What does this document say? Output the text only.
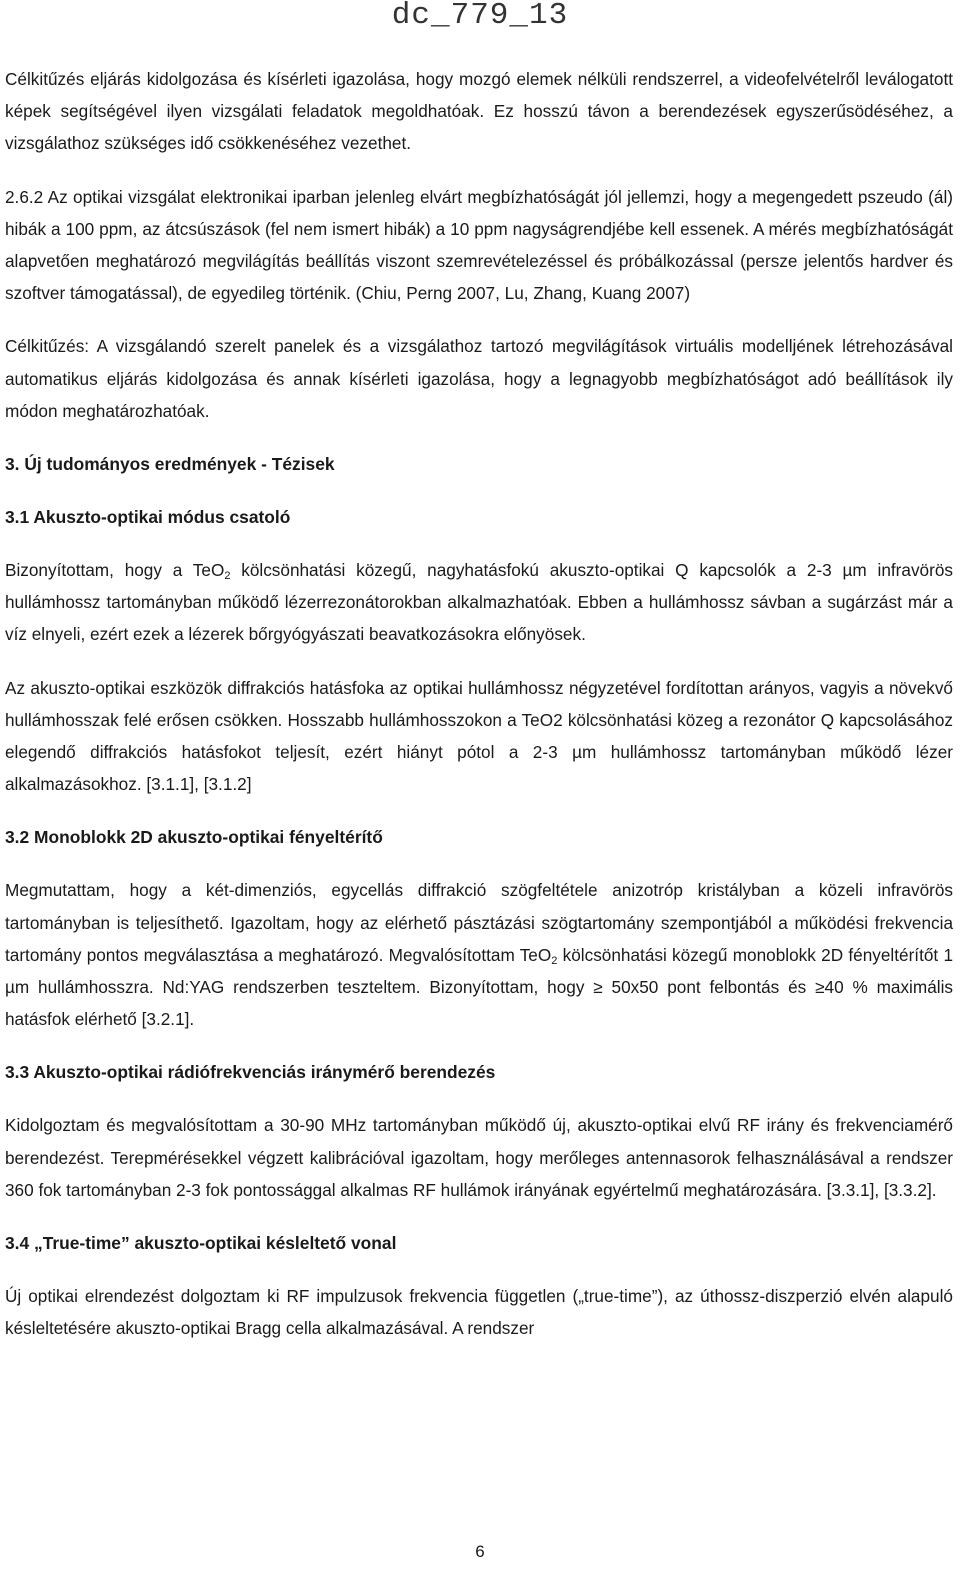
dc_779_13

Célkitűzés eljárás kidolgozása és kísérleti igazolása, hogy mozgó elemek nélküli rendszerrel, a videofelvételről leválogatott képek segítségével ilyen vizsgálati feladatok megoldhatóak. Ez hosszú távon a berendezések egyszerűsödéséhez, a vizsgálathoz szükséges idő csökkenéséhez vezethet.

2.6.2 Az optikai vizsgálat elektronikai iparban jelenleg elvárt megbízhatóságát jól jellemzi, hogy a megengedett pszeudo (ál) hibák a 100 ppm, az átcsúszások (fel nem ismert hibák) a 10 ppm nagyságrendjébe kell essenek. A mérés megbízhatóságát alapvetően meghatározó megvilágítás beállítás viszont szemrevételezéssel és próbálkozással (persze jelentős hardver és szoftver támogatással), de egyedileg történik. (Chiu, Perng 2007, Lu, Zhang, Kuang 2007)

Célkitűzés: A vizsgálandó szerelt panelek és a vizsgálathoz tartozó megvilágítások virtuális modelljének létrehozásával automatikus eljárás kidolgozása és annak kísérleti igazolása, hogy a legnagyobb megbízhatóságot adó beállítások ily módon meghatározhatóak.

3. Új tudományos eredmények - Tézisek
3.1 Akuszto-optikai módus csatoló

Bizonyítottam, hogy a TeO$_2$ kölcsönhatási közegű, nagyhatásfokú akuszto-optikai Q kapcsolók a 2-3 µm infravörös hullámhossz tartományban működő lézerrezonátorokban alkalmazhatóak. Ebben a hullámhossz sávban a sugárzást már a víz elnyeli, ezért ezek a lézerek bőrgyógyászati beavatkozásokra előnyösek.

Az akuszto-optikai eszközök diffrakciós hatásfoka az optikai hullámhossz négyzetével fordítottan arányos, vagyis a növekvő hullámhosszak felé erősen csökken. Hosszabb hullámhosszokon a TeO2 kölcsönhatási közeg a rezonátor Q kapcsolásához elegendő diffrakciós hatásfokot teljesít, ezért hiányt pótol a 2-3 µm hullámhossz tartományban működő lézer alkalmazásokhoz. [3.1.1], [3.1.2]

3.2 Monoblokk 2D akuszto-optikai fényeltérítő

Megmutattam, hogy a két-dimenziós, egycellás diffrakció szögfeltétele anizotróp kristályban a közeli infravörös tartományban is teljesíthető. Igazoltam, hogy az elérhető pásztázási szögtartomány szempontjából a működési frekvencia tartomány pontos megválasztása a meghatározó. Megvalósítottam TeO$_2$ kölcsönhatási közegű monoblokk 2D fényeltérítőt 1 µm hullámhosszra. Nd:YAG rendszerben teszteltem. Bizonyítottam, hogy ≥ 50x50 pont felbontás és ≥40 % maximális hatásfok elérhető [3.2.1].

3.3 Akuszto-optikai rádiófrekvenciás iránymérő berendezés

Kidolgoztam és megvalósítottam a 30-90 MHz tartományban működő új, akuszto-optikai elvű RF irány és frekvenciamérő berendezést. Terepmérésekkel végzett kalibrációval igazoltam, hogy merőleges antennasorok felhasználásával a rendszer 360 fok tartományban 2-3 fok pontossággal alkalmas RF hullámok irányának egyértelmű meghatározására. [3.3.1], [3.3.2].

3.4 „True-time” akuszto-optikai késleltető vonal

Új optikai elrendezést dolgoztam ki RF impulzusok frekvencia független („true-time”), az úthossz-diszperzió elvén alapuló késleltetésére akuszto-optikai Bragg cella alkalmazásával. A rendszer

6
